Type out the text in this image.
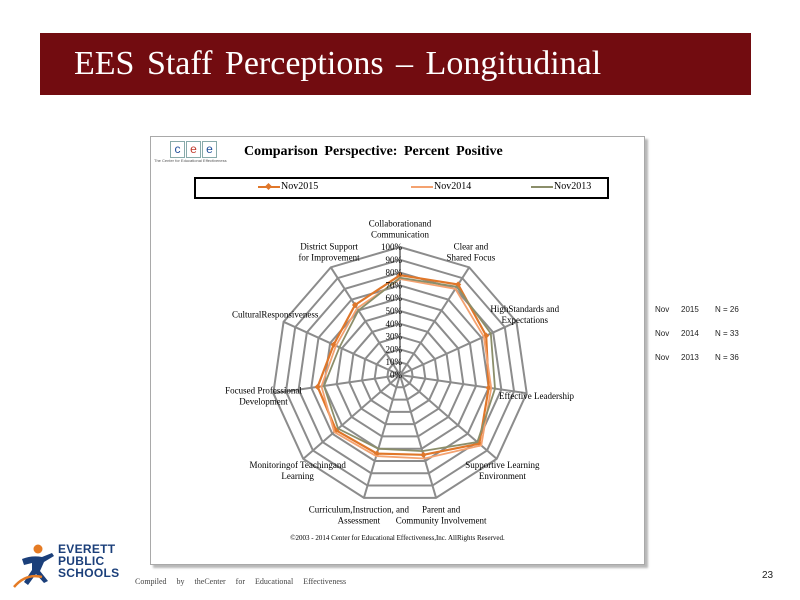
EES Staff Perceptions – Longitudinal
c e e
The Center for Educational Effectiveness
Comparison Perspective: Percent Positive
Nov2015	Nov2014	Nov2013
0%
10%
20%
30%
40%
50%
60%
70%
80%
90%
100%
Collaborationand
Communication
Clear and
Shared Focus
HighStandards and
Expectations
Effective Leadership
Supportive Learning
Environment
Parent and
Community Involvement
Curriculum,Instruction, and
Assessment
Monitoringof Teachingand
Learning
Focused Professional
Development
CulturalResponsiveness
District Support
for Improvement
©2003 - 2014 Center for Educational Effectiveness,Inc. AllRights Reserved.
Nov 2015 N = 26
Nov 2014 N = 33
Nov 2013 N = 36
EVERETT
PUBLIC
SCHOOLS
Compiled by theCenter for Educational Effectiveness
23
